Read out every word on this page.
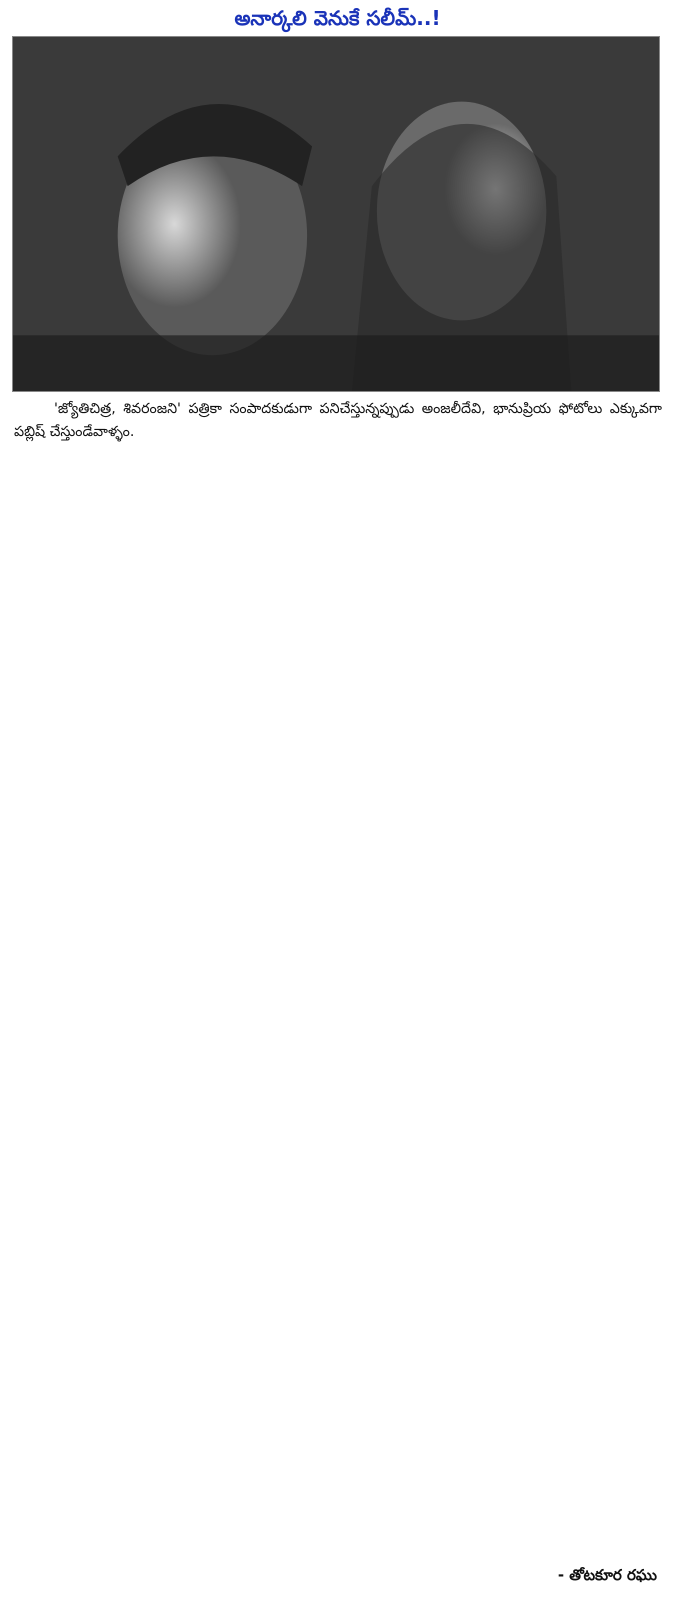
అనార్కలి వెనుకే సలీమ్..!

'జ్యోతిచిత్ర, శివరంజని' పత్రికా సంపాదకుడుగా పనిచేస్తున్నప్పుడు అంజలీదేవి, భానుప్రియ ఫోటోలు ఎక్కువగా పబ్లిష్ చేస్తుండేవాళ్ళం.

- తోటకూర రఘు
